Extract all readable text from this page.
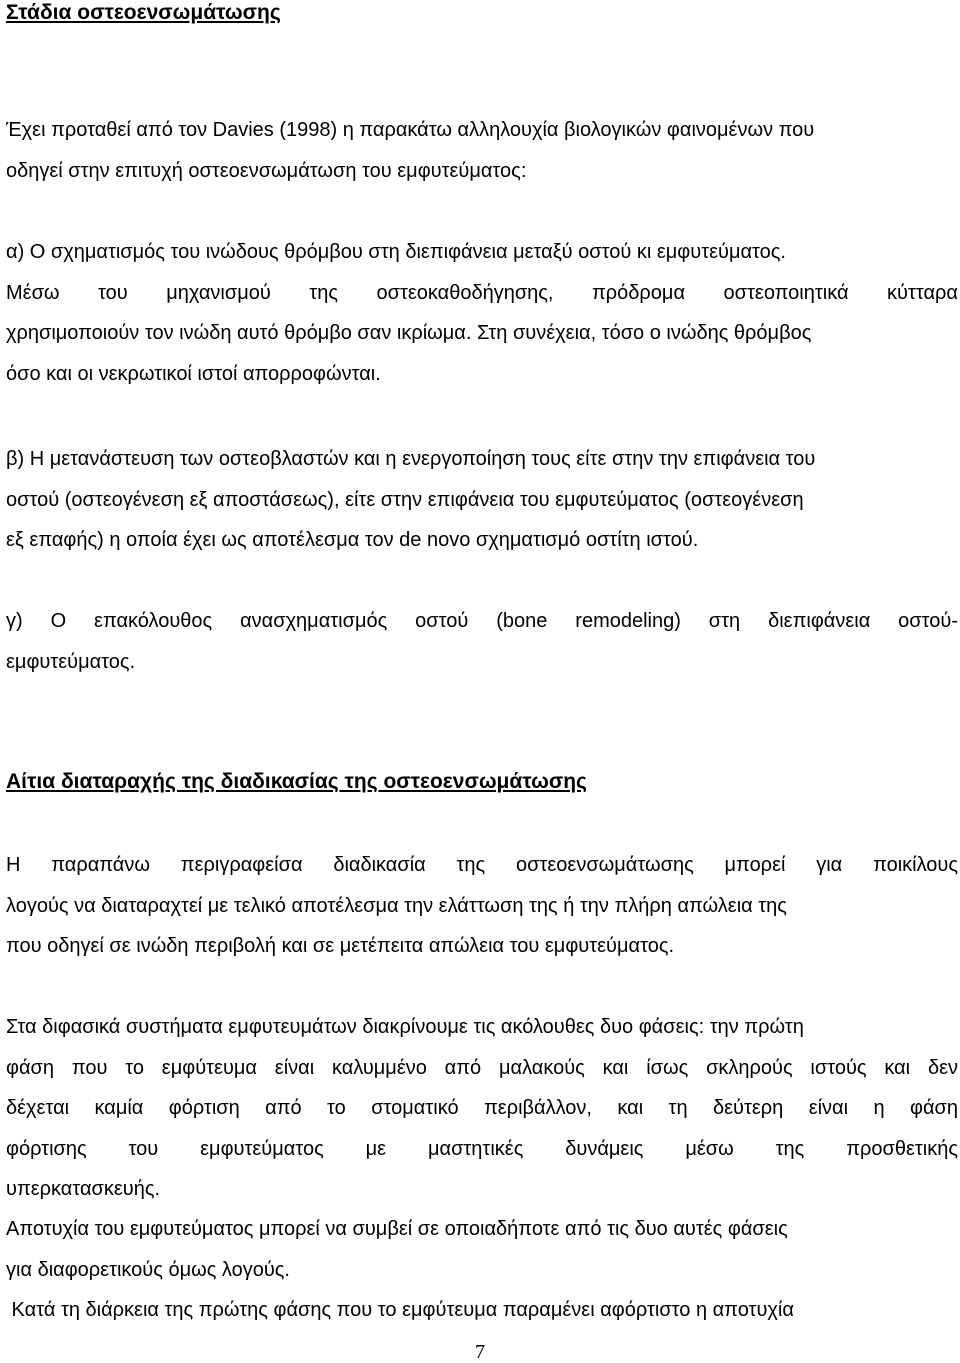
Στάδια οστεοενσωμάτωσης
Έχει προταθεί από τον Davies (1998) η παρακάτω αλληλουχία βιολογικών φαινομένων που
οδηγεί στην επιτυχή οστεοενσωμάτωση του εμφυτεύματος:
α) Ο σχηματισμός του ινώδους θρόμβου στη διεπιφάνεια μεταξύ οστού κι εμφυτεύματος.
Μέσω του μηχανισμού της οστεοκαθοδήγησης, πρόδρομα οστεοποιητικά κύτταρα
χρησιμοποιούν τον ινώδη αυτό θρόμβο σαν ικρίωμα. Στη συνέχεια, τόσο ο ινώδης θρόμβος
όσο και οι νεκρωτικοί ιστοί απορροφώνται.
β) Η μετανάστευση των οστεοβλαστών και η ενεργοποίηση τους είτε στην την επιφάνεια του
οστού (οστεογένεση εξ αποστάσεως), είτε στην επιφάνεια του εμφυτεύματος (οστεογένεση
εξ επαφής) η οποία έχει ως αποτέλεσμα τον de novo σχηματισμό οστίτη ιστού.
γ) Ο επακόλουθος ανασχηματισμός οστού (bone remodeling) στη διεπιφάνεια οστού-
εμφυτεύματος.
Αίτια διαταραχής της διαδικασίας της οστεοενσωμάτωσης
Η παραπάνω περιγραφείσα διαδικασία της οστεοενσωμάτωσης μπορεί για ποικίλους
λογούς να διαταραχτεί με τελικό αποτέλεσμα την ελάττωση της ή την πλήρη απώλεια της
που οδηγεί σε ινώδη περιβολή και σε μετέπειτα απώλεια του εμφυτεύματος.
Στα διφασικά συστήματα εμφυτευμάτων διακρίνουμε τις ακόλουθες δυο φάσεις: την πρώτη
φάση που το εμφύτευμα είναι καλυμμένο από μαλακούς και ίσως σκληρούς ιστούς και δεν
δέχεται καμία φόρτιση από το στοματικό περιβάλλον, και τη δεύτερη είναι η φάση
φόρτισης του εμφυτεύματος με μαστητικές δυνάμεις μέσω της προσθετικής
υπερκατασκευής.
Αποτυχία του εμφυτεύματος μπορεί να συμβεί σε οποιαδήποτε από τις δυο αυτές φάσεις
για διαφορετικούς όμως λογούς.
Κατά τη διάρκεια της πρώτης φάσης που το εμφύτευμα παραμένει αφόρτιστο η αποτυχία
7
